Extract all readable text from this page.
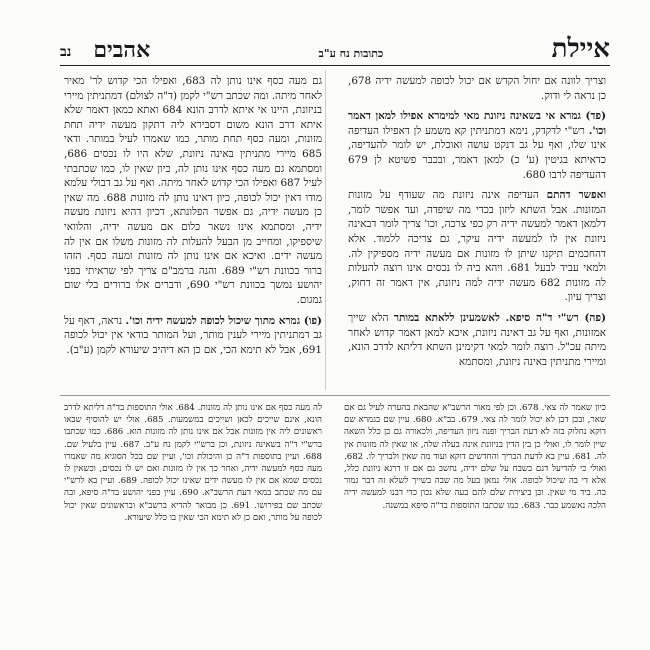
איילת
כתובות נח ע"ב
אהבים
נב

וצריך לוונה אם יחול הקדש אם יכול לכופה למעשה ידיה 678, כן נראה לי ודוק.

(פד) גמרא אי בשאינה ניזונת מאי למימרא אפילו למאן דאמר וכו'. רש"י לדקדק, נימא דמתניתין קא משמע לן דאפילו העדיפה אינו שלו, ואף על גב דנקט עושה ואוכלת, יש לומר להעדיפה, כדאיתא בגיטין (ע' כ) למאן דאמר, ובכבר פשיטא לן 679 דהעדיפה לרבו 680.

ואפשר דהתם העדיפה אינה ניזונת מה שעודף על מזונות המזונות. אבל השתא ליזון בכדי מה שיפדה, ועד אפשר לומר, דלמאן דאמר למעשה ידיה רק כפי צרכה, וכו' צריך לומר דבאינה ניזונת אין לו למעשה ידיה עיקר, גם צריכה ללמוד. אלא דהחכמים תיקנו שיתן לו מזונות אם מעשה ידיה מספיקין לה. ולמאי עביד לבעל 681. ויהא ביה לו נכסים אינו רוצה להעלות לה מזונות 682 מעשה ידיה למה ניזונת, אין דאמר זה דחוק, וצריך עיון.

(פה) רש"י ד"ה סיפא. לאשמעינן ללאתא במותר הלא שייך אמזונות, ואף על גב דאינה ניזונת, איכא למאן דאמר קדוש לאחר מיתה עכ"ל. רוצה לומר למאי דקימינן השתא דליתא לדרב הונא, ומיירי מתניתין באינה ניזונת, ומסתמא

גם מעה כסף אינו נותן לה 683, ואפילו הכי קדוש לר' מאיר לאחר מיתה. ומה שכתב רש"י לקמן (ד"ה לצולם) דמתניתין מיירי בניזונת, היינו אי איתא לדרב הונא 684 ואתא כמאן דאמר שלא איתא דרב הונא משום דסבירא ליה דתקון מעשה ידיה תחת מזונות, ומעה כסף תחת מותר, כמו שאמרו לעיל במותר. ודאי 685 מיירי מתניתין באינה ניזונת, שלא היו לו נכסים 686, ומסתמא גם מעה כסף אינו נותן לה, כיון שאין לו, כמו שכתבתי לעיל 687 ואפילו הכי קדוש לאחר מיתה. ואף על גב דבולי עלמא מודו דאין יכול לכופה, כיון דאינו נותן לה מזונות 688. מה שאין כן מעשה ידיה, גם אפשר הפלונתא, דכיון דהיא ניזונת מעשה ידיה, ומסתמא אינו נשאר כלום אם מעשה ידיה, והלוואי שיספיקו, ומחייב מן הבעל להעלות לה מזונות משלו אם אין לה מעשה ידים. ואיכא אם אינו נותן לה מזונות ומעה כסף. הזהו ברור בכוונת רש"י 689. והנה ברמב"ם צריך לפי שראיתי בפני יהושע נמשך בכוונת רש"י 690, ודברים אלו ברורים בלי שום גמגום.

(פו) גמרא מתוך שיכול לכופה למעשה ידיה וכו'. נראה, דאף על גב דמתניתין מיירי לענין מותר, ועל המותר בודאי אין יכול לכופה 691, אבל לא תימא הכי, אם כן הא דיהיב שיעורא לקמן (ע"ב).

כיון שאמר לה צאי. 678. וכן לפי מאור הרשב"א שהבאת בהערה לעיל גם אם שאר, ובכן דכן לא יכול לומר לה צאי. 679. בב"א. 680. עיין שם בגמרא שם דוקא נחלוק בזה לא דעת הבריך ופנה ניזון העדיפה, ולכאורה גם כן כלל השאה שיין לומר לו, ואולי כן בין הדין בניזונת אינה בעלה שלה, או שאין לה מזונות אין לה. 681. עיין בא לדעת הבריך והחדשים דוקא ועוד מה שאין ולבריך לו. 682. ואולי כי להדיעל דגם בשבח על שלם ידיה, נחשב גם אם זו דרגא ניזונת כלל, אלא די בה שיכול לכופה. אולי נמאן בעל מה שבה בשייך לשלא זה דבר גמור בה. ביד מי שאין. וכן ביצירת שלם להם בעה שלא נכון כדי דבנו למעשה ידיה הלכה נאשמע כבר. 683. כמו שכתבו התוספות בד"ה סיפא במשנה.
לה מעה כסף אם אינו נותן לה מזונות. 684. אולי התוספות בד"ה דליתא לדרב הונא, אינם שייכים לכאן ושייכים במשמעות. 685. אולי יש להוסיף שבאו ראשונים ליה אין מזונות אבל אם אינו נותן לה מזונות הוא. 686. כמו שכתבו ברש"י ד"ה בשאינה ניזונת, וכן ברש"י לקמן נח ע"ב. 687. עיין בלעיל שם. 688. ועיין בתוספות ד"ה כן והיכולת וכו', ועיין שם בכל הסוגיא מה שאמרו מעה כסף למעשה ידיה, ואחר כך אין לו מזונות ואם יש לו נכסים, וכשאין לו נכסים שמא אם אין לו מעשה ידים שאינו יכול לכופה. 689. ועיין בא לרש"י עם מה שכתב במאי דעת הרשב"א. 690. עיין בפני יהושע בד"ה סיפא, ובה שכתב שם בפירושו. 691. כן מבואר להדיא ברשב"א ובראשונים שאין יכול לכופה על מותר, ואם כן לא תימא הכי שאין בו כלל שיעורא.
